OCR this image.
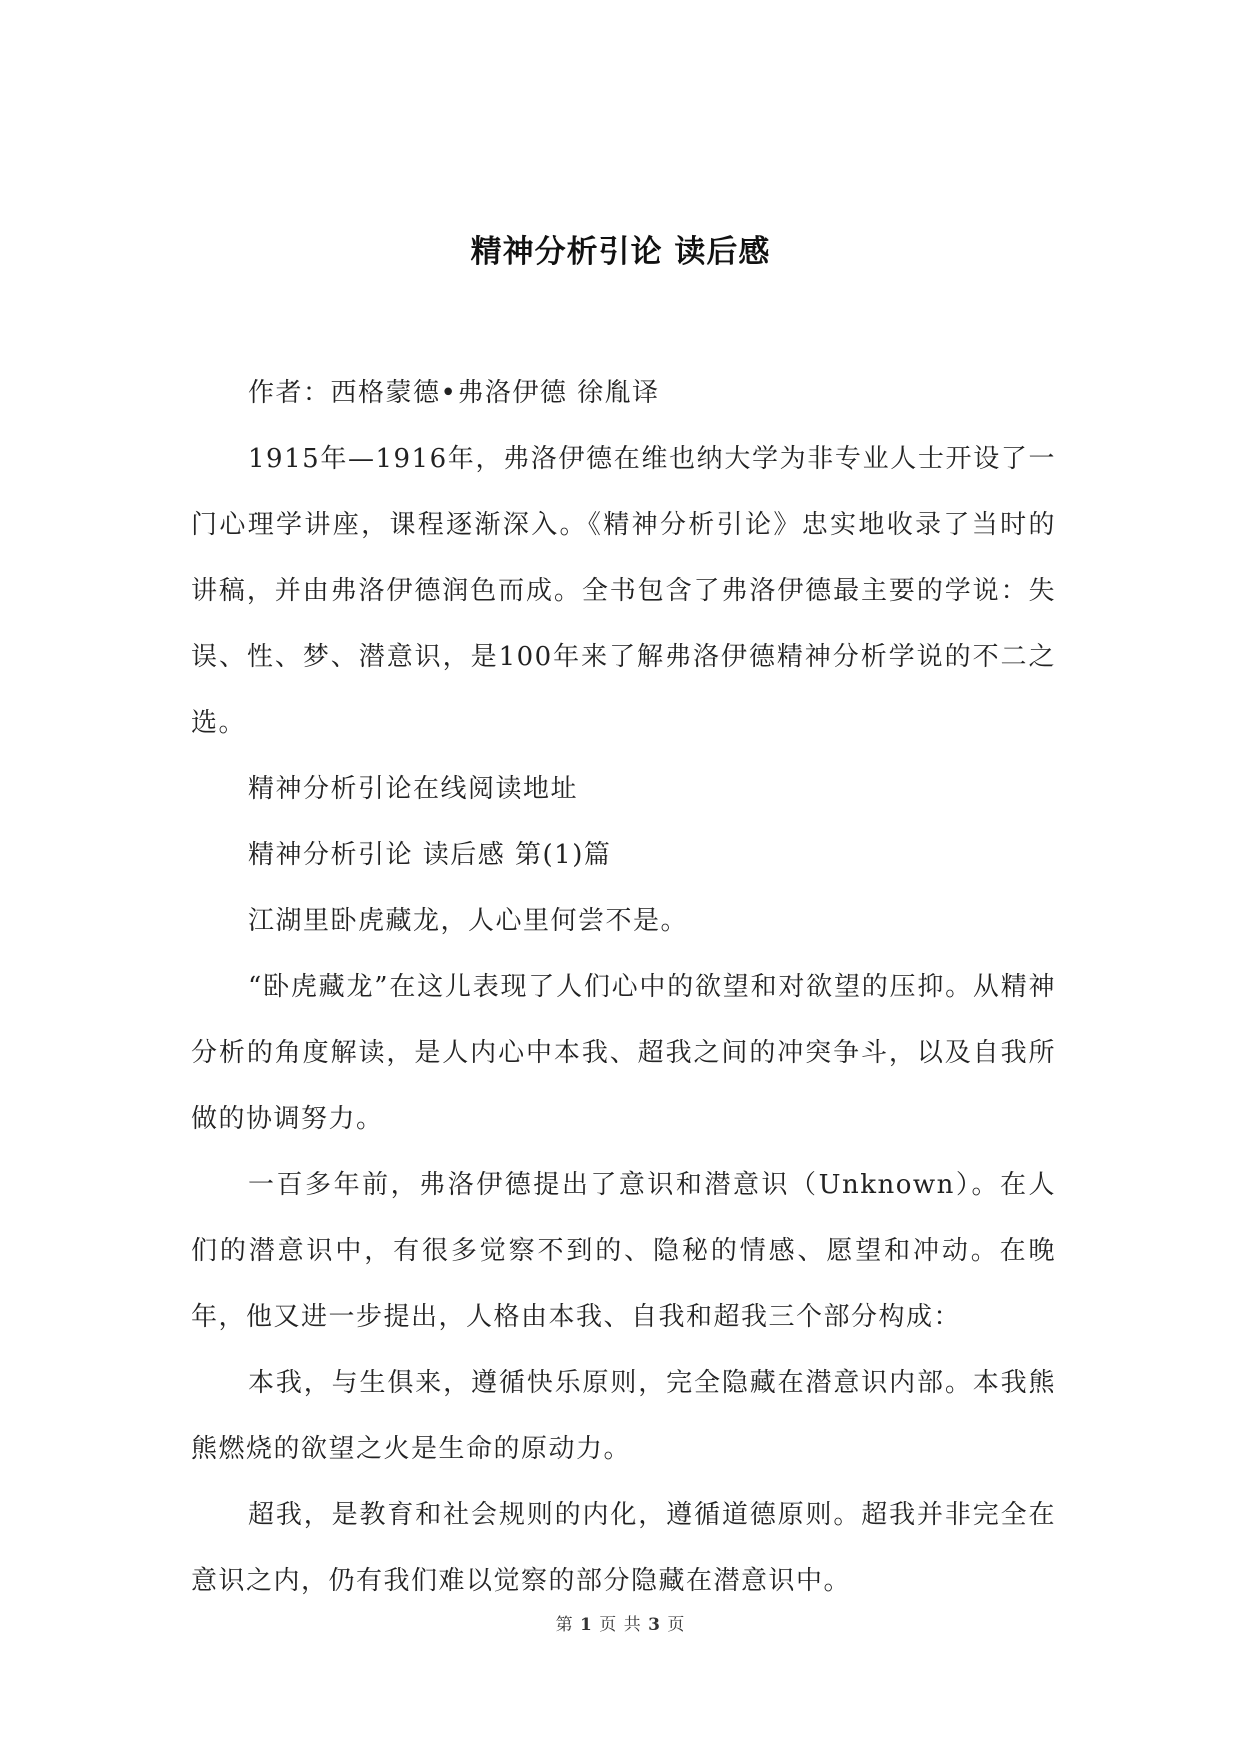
精神分析引论 读后感

作者：西格蒙德•弗洛伊德 徐胤译

1915年—1916年，弗洛伊德在维也纳大学为非专业人士开设了一门心理学讲座，课程逐渐深入。《精神分析引论》忠实地收录了当时的讲稿，并由弗洛伊德润色而成。全书包含了弗洛伊德最主要的学说：失误、性、梦、潜意识，是100年来了解弗洛伊德精神分析学说的不二之选。

精神分析引论在线阅读地址

精神分析引论 读后感 第(1)篇

江湖里卧虎藏龙，人心里何尝不是。

“卧虎藏龙”在这儿表现了人们心中的欲望和对欲望的压抑。从精神分析的角度解读，是人内心中本我、超我之间的冲突争斗，以及自我所做的协调努力。

一百多年前，弗洛伊德提出了意识和潜意识（Unknown）。在人们的潜意识中，有很多觉察不到的、隐秘的情感、愿望和冲动。在晚年，他又进一步提出，人格由本我、自我和超我三个部分构成：

本我，与生俱来，遵循快乐原则，完全隐藏在潜意识内部。本我熊熊燃烧的欲望之火是生命的原动力。

超我，是教育和社会规则的内化，遵循道德原则。超我并非完全在意识之内，仍有我们难以觉察的部分隐藏在潜意识中。

第 1 页 共 3 页
